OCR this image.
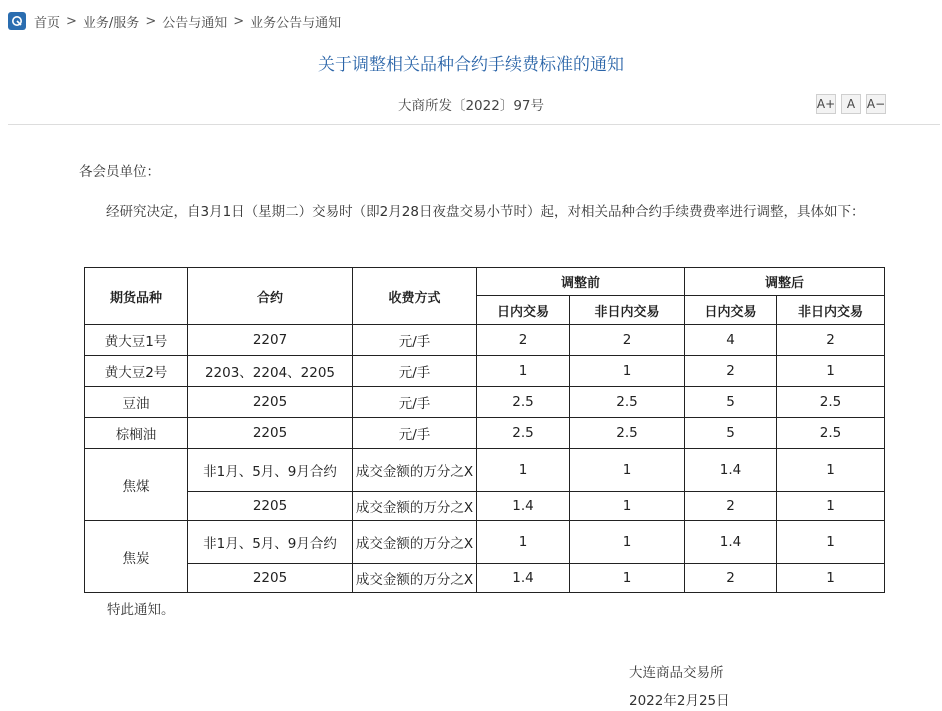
首页 > 业务/服务 > 公告与通知 > 业务公告与通知
关于调整相关品种合约手续费标准的通知
大商所发〔2022〕97号	A+ A A−
各会员单位：
经研究决定，自3月1日（星期二）交易时（即2月28日夜盘交易小节时）起，对相关品种合约手续费费率进行调整，具体如下：
期货品种	合约	收费方式	调整前		调整后	
			日内交易	非日内交易	日内交易	非日内交易
黄大豆1号	2207	元/手	2	2	4	2
黄大豆2号	2203、2204、2205	元/手	1	1	2	1
豆油	2205	元/手	2.5	2.5	5	2.5
棕榈油	2205	元/手	2.5	2.5	5	2.5
焦煤	非1月、5月、9月合约	成交金额的万分之X	1	1	1.4	1
	2205	成交金额的万分之X	1.4	1	2	1
焦炭	非1月、5月、9月合约	成交金额的万分之X	1	1	1.4	1
	2205	成交金额的万分之X	1.4	1	2	1
特此通知。
大连商品交易所
2022年2月25日
